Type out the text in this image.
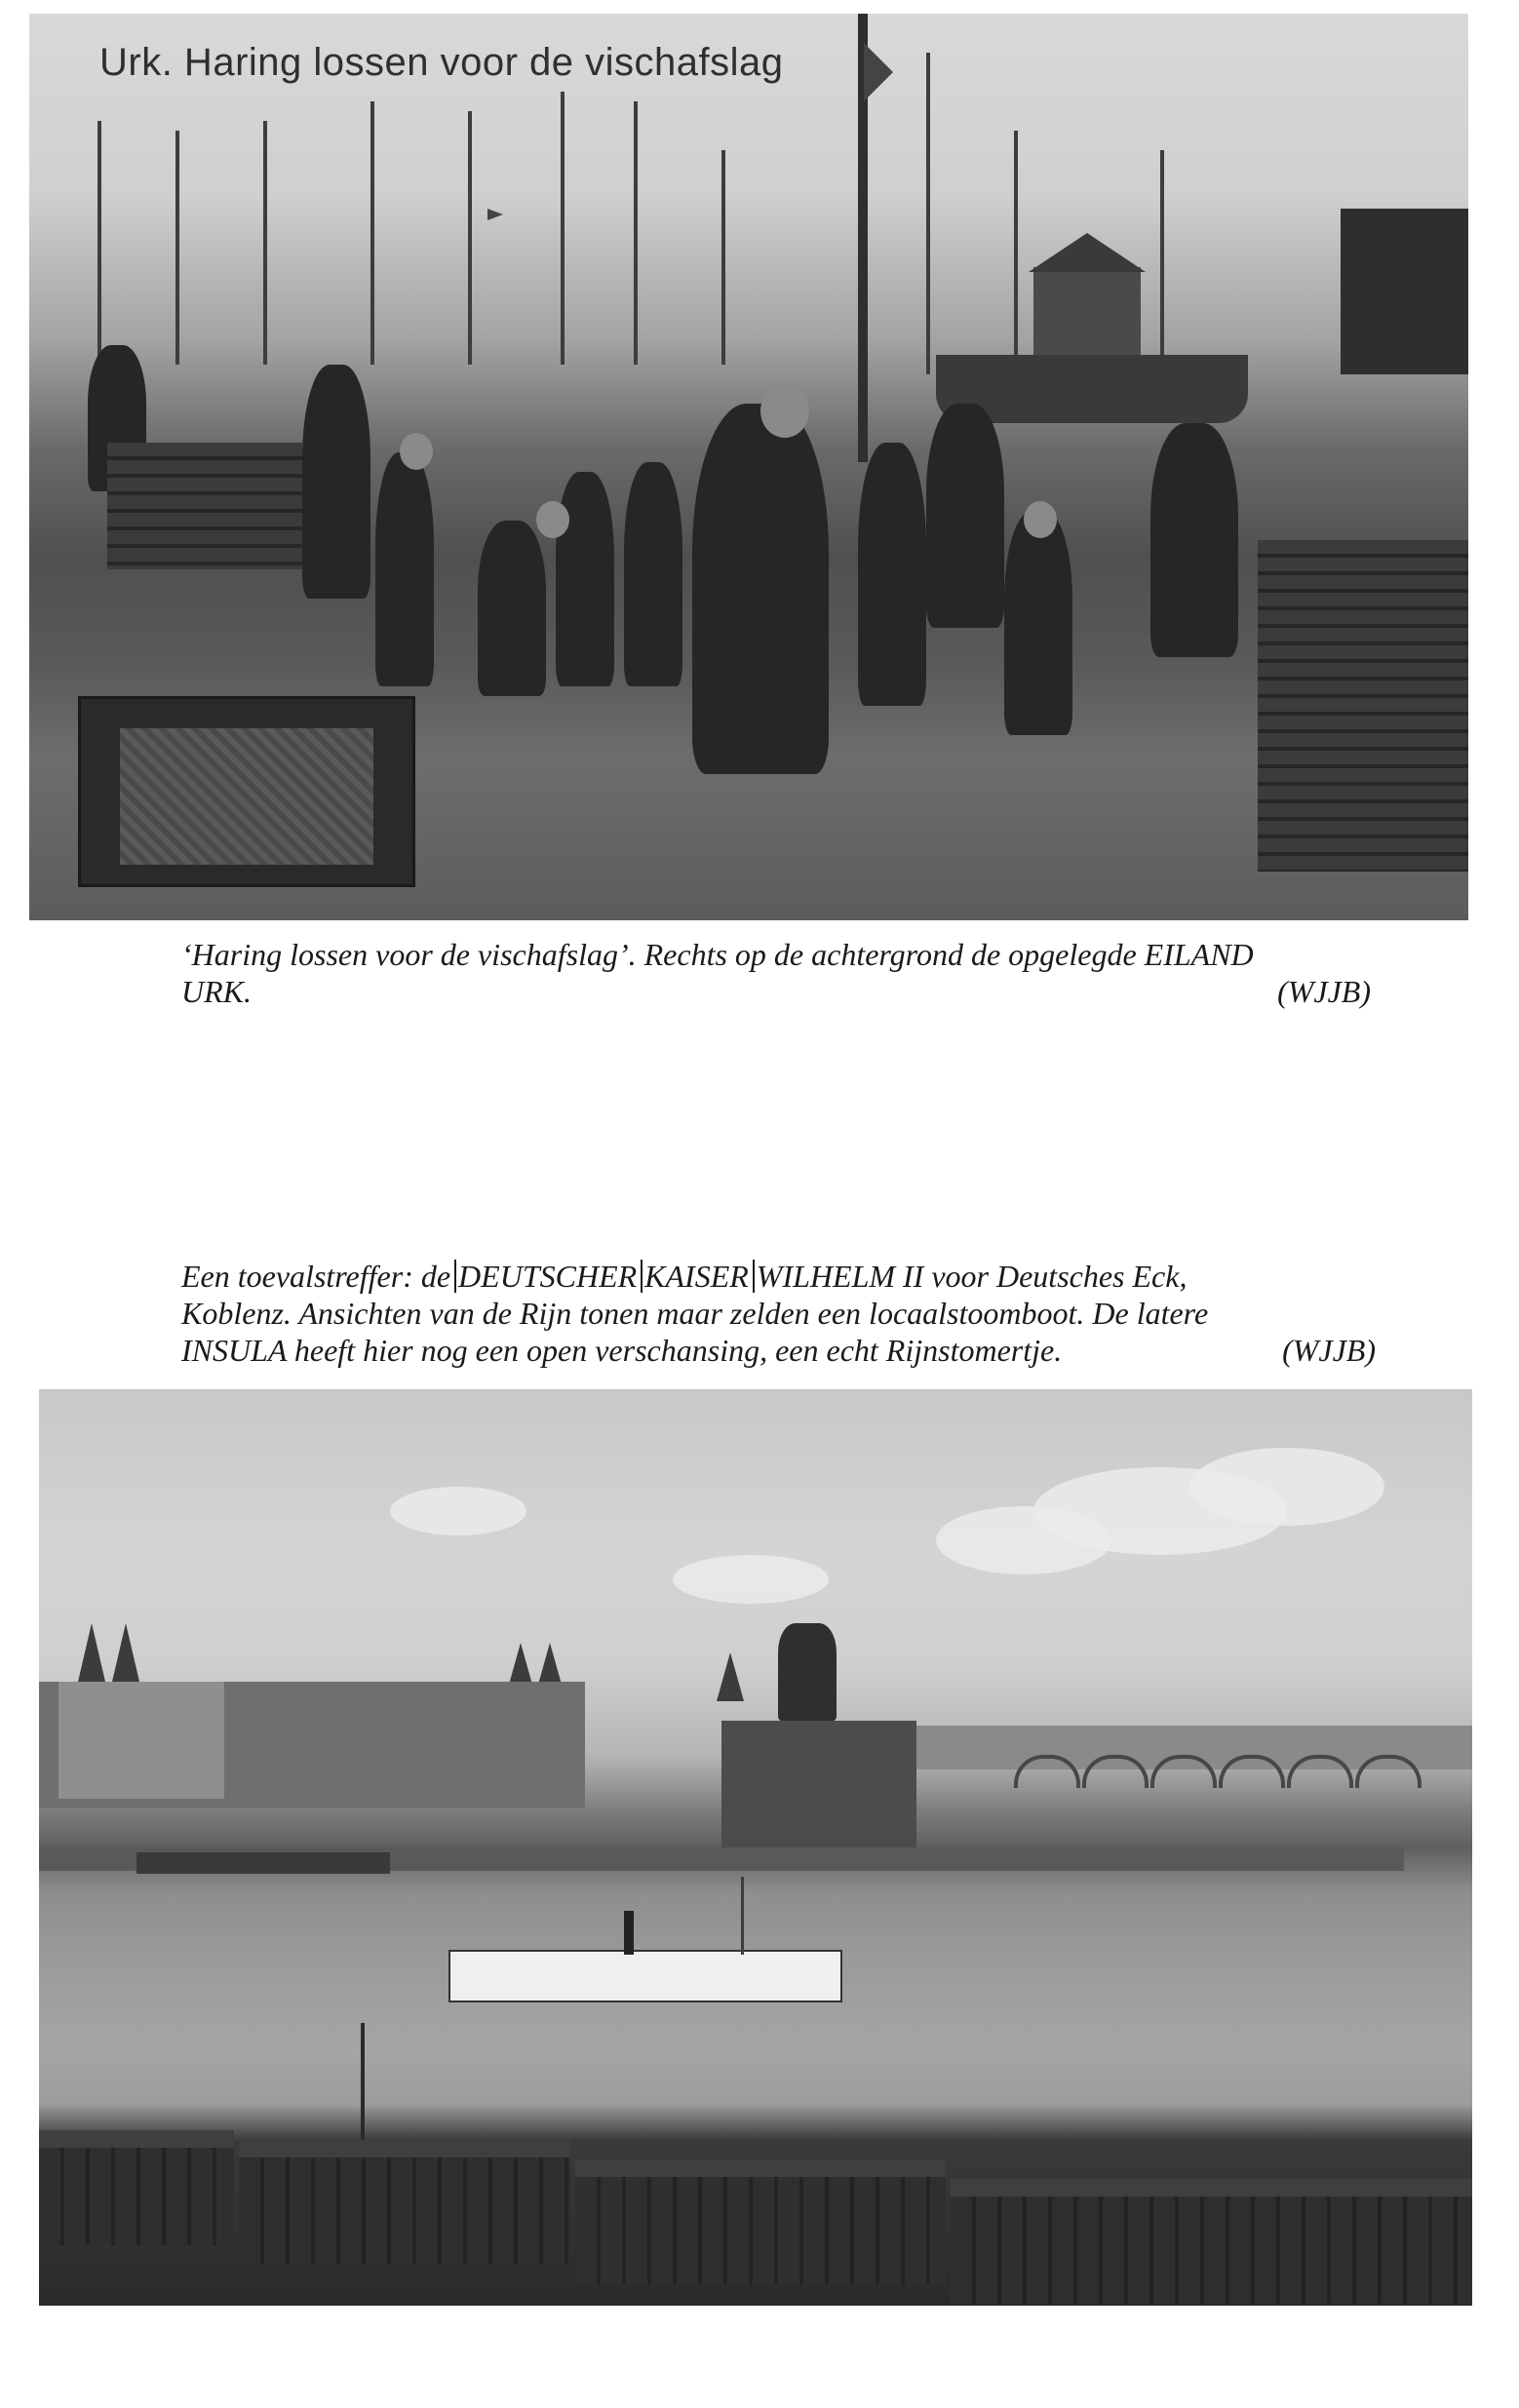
Urk. Haring lossen voor de vischafslag
‘Haring lossen voor de vischafslag’. Rechts op de achtergrond de opgelegde EILAND
URK.	(WJJB)
Een toevalstreffer: de DEUTSCHER KAISER WILHELM II voor Deutsches Eck,
Koblenz. Ansichten van de Rijn tonen maar zelden een locaalstoomboot. De latere
INSULA heeft hier nog een open verschansing, een echt Rijnstomertje.	(WJJB)
